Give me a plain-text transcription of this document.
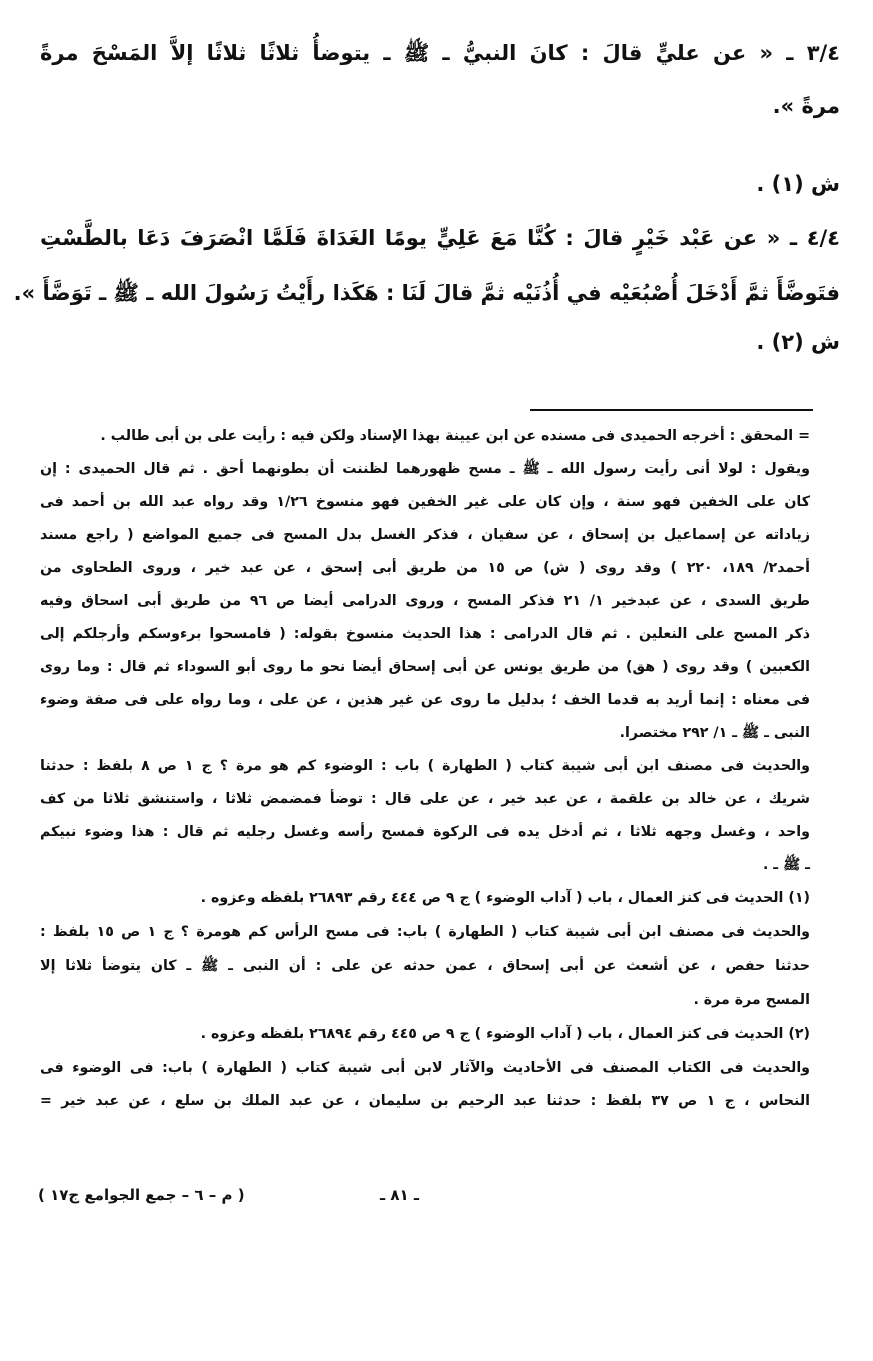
٣/٤ ـ « عن عليٍّ قالَ : كانَ النبيُّ ـ ﷺ ـ يتوضأُ ثلاثًا ثلاثًا إلاَّ المَسْحَ مرةً
مرةً ».
ش (١) .
٤/٤ ـ « عن عَبْد خَيْرٍ قالَ : كُنَّا مَعَ عَلِيٍّ يومًا الغَدَاةَ فَلَمَّا انْصَرَفَ دَعَا بالطَّسْتِ
فتَوضَّأَ ثمَّ أَدْخَلَ أُصْبُعَيْه في أُذُنَيْه ثمَّ قالَ لَنَا : هَكَذا رأَيْتُ رَسُولَ الله ـ ﷺ ـ تَوَضَّأَ ».
ش (٢) .
= المحقق : أخرجه الحميدى فى مسنده عن ابن عيينة بهذا الإسناد ولكن فيه : رأيت على بن أبى طالب .
ويقول : لولا أنى رأيت رسول الله ـ ﷺ ـ مسح ظهورهما لظننت أن بطونهما أحق . ثم قال الحميدى : إن
كان على الخفين فهو سنة ، وإن كان على غير الخفين فهو منسوخ ١/٢٦ وقد رواه عبد الله بن أحمد فى
زياداته عن إسماعيل بن إسحاق ، عن سفيان ، فذكر الغسل بدل المسح فى جميع المواضع ( راجع مسند
أحمد٢/ ١٨٩، ٢٢٠ ) وقد روى ( ش) ص ١٥ من طريق أبى إسحق ، عن عبد خير ، وروى الطحاوى من
طريق السدى ، عن عبدخير ١/ ٢١ فذكر المسح ، وروى الدرامى أيضا ص ٩٦ من طريق أبى اسحاق وفيه
ذكر المسح على النعلين . ثم قال الدرامى : هذا الحديث منسوخ بقوله: ( فامسحوا برءوسكم وأرجلكم إلى
الكعبين ) وقد روى ( هق) من طريق يونس عن أبى إسحاق أيضا نحو ما روى أبو السوداء ثم قال : وما روى
فى معناه : إنما أريد به قدما الخف ؛ بدليل ما روى عن غير هذين ، عن على ، وما رواه على فى صفة وضوء
النبى ـ ﷺ ـ ١/ ٢٩٢ مختصرا.
والحديث فى مصنف ابن أبى شيبة كتاب ( الطهارة ) باب : الوضوء كم هو مرة ؟ ج ١ ص ٨ بلفظ : حدثنا
شريك ، عن خالد بن علقمة ، عن عبد خير ، عن على قال : توضأ فمضمض ثلاثا ، واستنشق ثلاثا من كف
واحد ، وغسل وجهه ثلاثا ، ثم أدخل يده فى الركوة فمسح رأسه وغسل رجليه ثم قال : هذا وضوء نبيكم
ـ ﷺ ـ .
(١) الحديث فى كنز العمال ، باب ( آداب الوضوء ) ج ٩ ص ٤٤٤ رقم ٢٦٨٩٣ بلفظه وعزوه .
والحديث فى مصنف ابن أبى شيبة كتاب ( الطهارة ) باب: فى مسح الرأس كم هومرة ؟ ج ١ ص ١٥ بلفظ :
حدثنا حفص ، عن أشعث عن أبى إسحاق ، عمن حدثه عن على : أن النبى ـ ﷺ ـ كان يتوضأ ثلاثا إلا
المسح مرة مرة .
(٢) الحديث فى كنز العمال ، باب ( آداب الوضوء ) ج ٩ ص ٤٤٥ رقم ٢٦٨٩٤ بلفظه وعزوه .
والحديث فى الكتاب المصنف فى الأحاديث والآثار لابن أبى شيبة كتاب ( الطهارة ) باب: فى الوضوء فى
النحاس ، ج ١ ص ٣٧ بلفظ : حدثنا عبد الرحيم بن سليمان ، عن عبد الملك بن سلع ، عن عبد خير =
ـ ٨١ ـ
( م – ٦ – جمع الجوامع ج١٧ )
